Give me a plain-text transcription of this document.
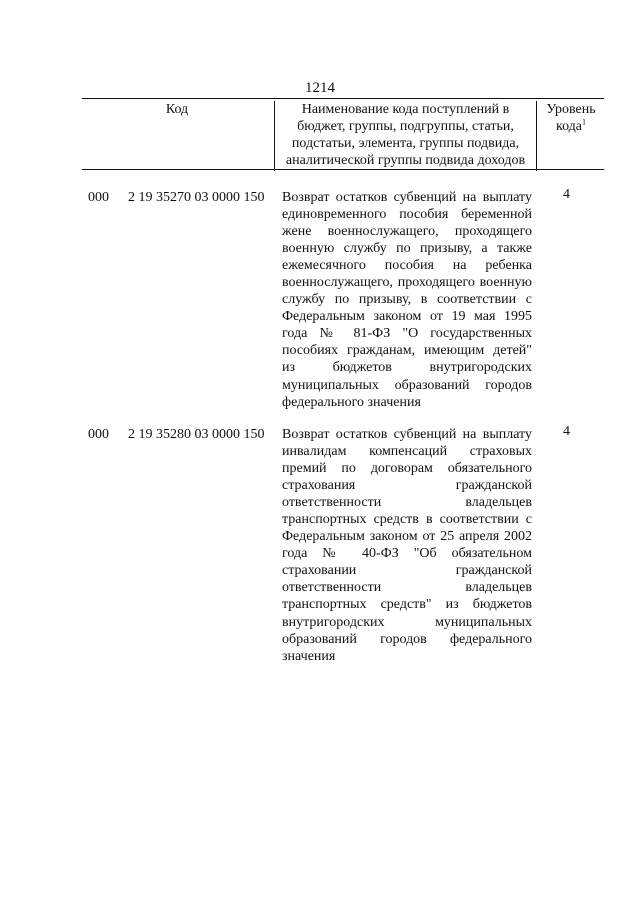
1214
Код	Наименование кода поступлений в бюджет, группы, подгруппы, статьи, подстатьи, элемента, группы подвида, аналитической группы подвида доходов
Уровень кода$^1$
000 2 19 35270 03 0000 150 Возврат остатков субвенций на выплату единовременного пособия беременной жене военнослужащего, проходящего военную службу по призыву, а также ежемесячного пособия на ребенка военнослужащего, проходящего военную службу по призыву, в соответствии с Федеральным законом от 19 мая 1995 года № 81-ФЗ "О государственных пособиях гражданам, имеющим детей" из бюджетов внутригородских муниципальных образований городов федерального значения
4
000 2 19 35280 03 0000 150 Возврат остатков субвенций на выплату инвалидам компенсаций страховых премий по договорам обязательного страхования гражданской ответственности владельцев транспортных средств в соответствии с Федеральным законом от 25 апреля 2002 года № 40-ФЗ "Об обязательном страховании гражданской ответственности владельцев транспортных средств" из бюджетов внутригородских муниципальных образований городов федерального значения
4
